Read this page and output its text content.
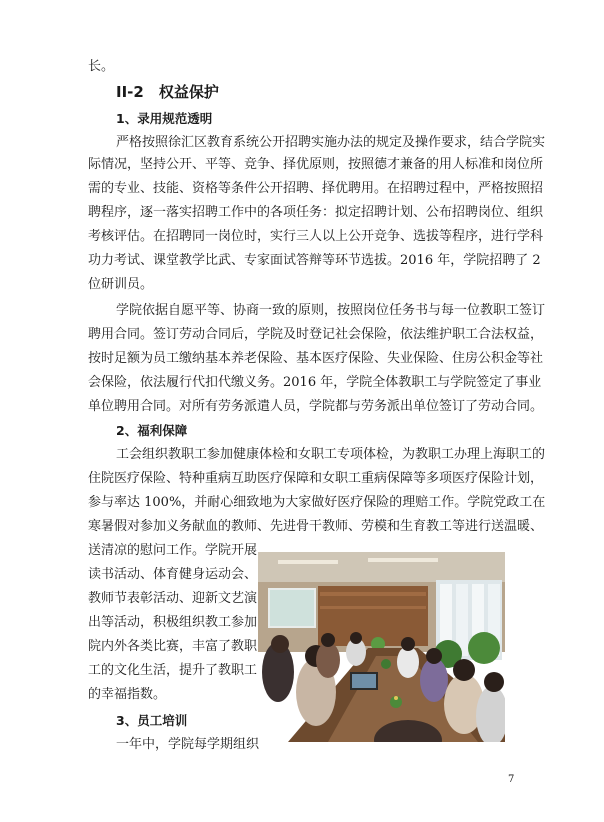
长。
II-2　权益保护
1、录用规范透明
严格按照徐汇区教育系统公开招聘实施办法的规定及操作要求，结合学院实
际情况，坚持公开、平等、竞争、择优原则，按照德才兼备的用人标准和岗位所
需的专业、技能、资格等条件公开招聘、择优聘用。在招聘过程中，严格按照招
聘程序，逐一落实招聘工作中的各项任务：拟定招聘计划、公布招聘岗位、组织
考核评估。在招聘同一岗位时，实行三人以上公开竞争、选拔等程序，进行学科
功力考试、课堂教学比武、专家面试答辩等环节选拔。2016 年，学院招聘了 2
位研训员。
学院依据自愿平等、协商一致的原则，按照岗位任务书与每一位教职工签订
聘用合同。签订劳动合同后，学院及时登记社会保险，依法维护职工合法权益，
按时足额为员工缴纳基本养老保险、基本医疗保险、失业保险、住房公积金等社
会保险，依法履行代扣代缴义务。2016 年，学院全体教职工与学院签定了事业
单位聘用合同。对所有劳务派遣人员，学院都与劳务派出单位签订了劳动合同。
2、福利保障
工会组织教职工参加健康体检和女职工专项体检，为教职工办理上海职工的
住院医疗保险、特种重病互助医疗保障和女职工重病保障等多项医疗保险计划，
参与率达 100%，并耐心细致地为大家做好医疗保险的理赔工作。学院党政工在
寒暑假对参加义务献血的教师、先进骨干教师、劳模和生育教工等进行送温暖、
送清凉的慰问工作。学院开展
读书活动、体育健身运动会、
教师节表彰活动、迎新文艺演
出等活动，积极组织教工参加
院内外各类比赛，丰富了教职
工的文化生活，提升了教职工
的幸福指数。
3、员工培训
一年中，学院每学期组织
7
